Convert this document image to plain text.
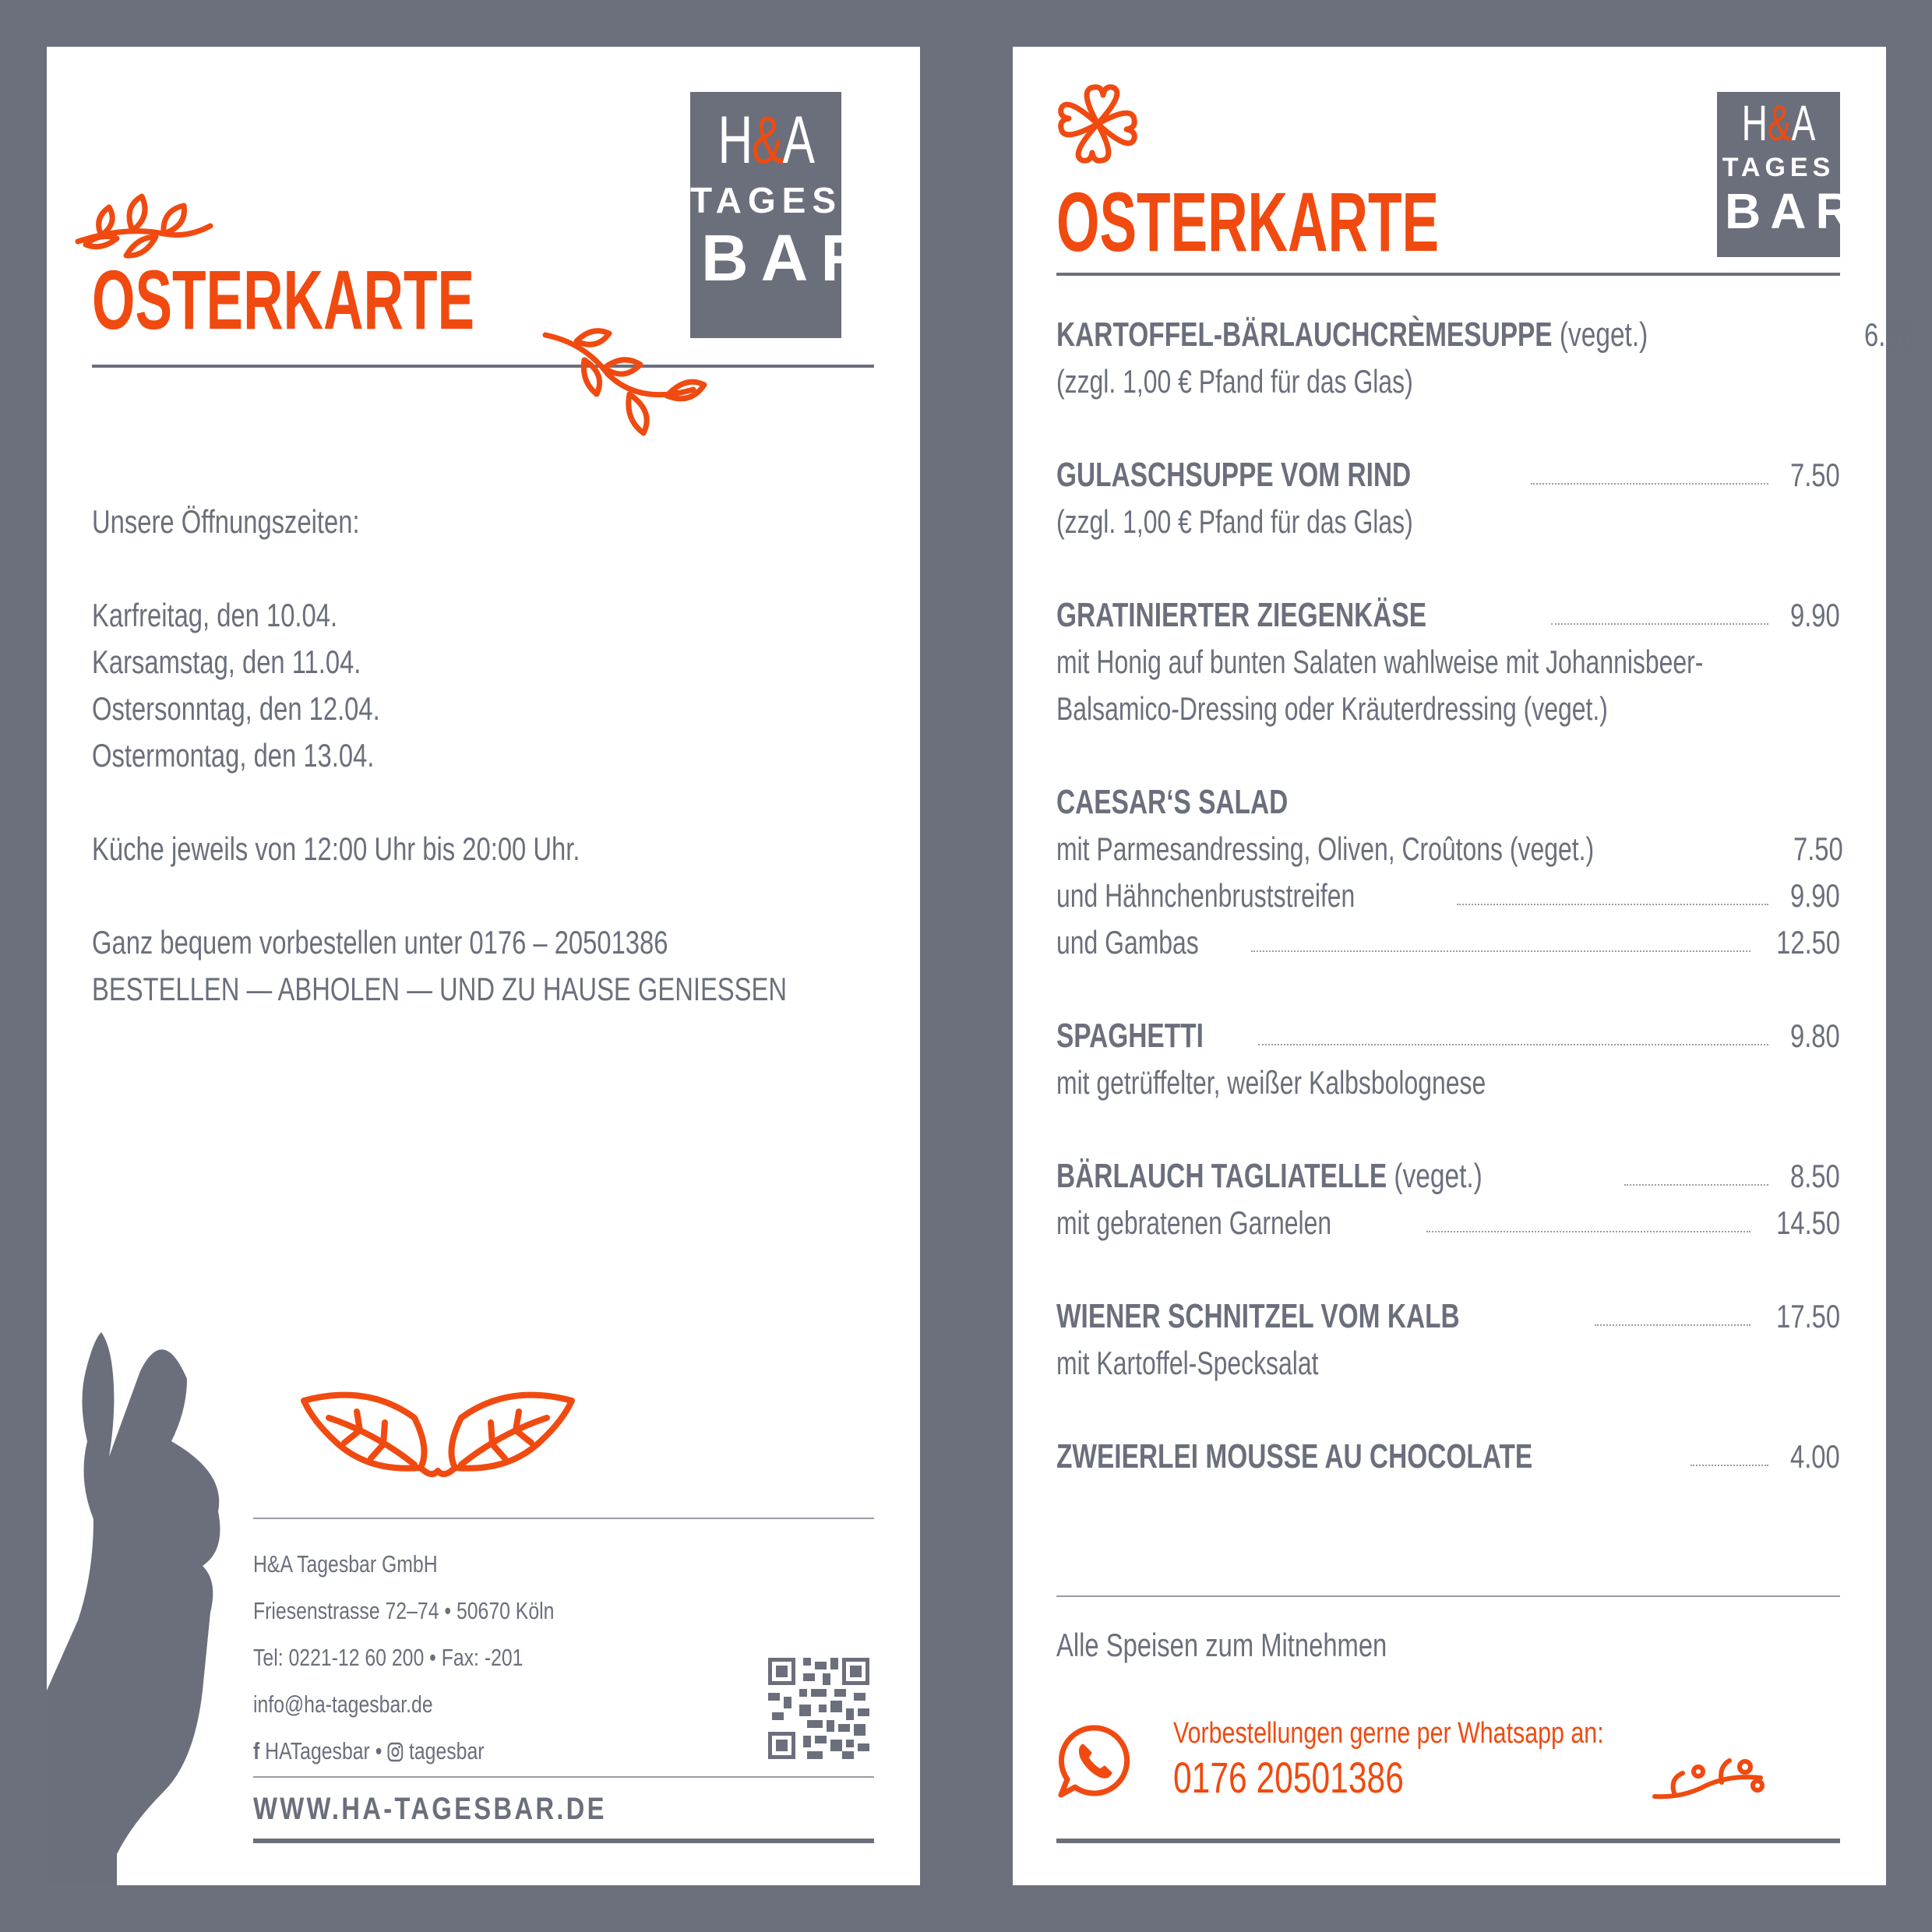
OSTERKARTE
H&A
TAGES
BAR
Unsere Öffnungszeiten:
Karfreitag, den 10.04.
Karsamstag, den 11.04.
Ostersonntag, den 12.04.
Ostermontag, den 13.04.
Küche jeweils von 12:00 Uhr bis 20:00 Uhr.
Ganz bequem vorbestellen unter 0176 – 20501386
BESTELLEN — ABHOLEN — UND ZU HAUSE GENIESSEN
H&A Tagesbar GmbH
Friesenstrasse 72–74 • 50670 Köln
Tel: 0221-12 60 200 • Fax: -201
info@ha-tagesbar.de
f HATagesbar • tagesbar
WWW.HA-TAGESBAR.DE
OSTERKARTE
H&A
TAGES
BAR
KARTOFFEL-BÄRLAUCHCRÈMESUPPE (veget.)	6.50
(zzgl. 1,00 € Pfand für das Glas)
GULASCHSUPPE VOM RIND	7.50
(zzgl. 1,00 € Pfand für das Glas)
GRATINIERTER ZIEGENKÄSE	9.90
mit Honig auf bunten Salaten wahlweise mit Johannisbeer-
Balsamico-Dressing oder Kräuterdressing (veget.)
CAESAR‘S SALAD
mit Parmesandressing, Oliven, Croûtons (veget.)	7.50
und Hähnchenbruststreifen	9.90
und Gambas	12.50
SPAGHETTI	9.80
mit getrüffelter, weißer Kalbsbolognese
BÄRLAUCH TAGLIATELLE (veget.)	8.50
mit gebratenen Garnelen	14.50
WIENER SCHNITZEL VOM KALB	17.50
mit Kartoffel-Specksalat
ZWEIERLEI MOUSSE AU CHOCOLATE	4.00
Alle Speisen zum Mitnehmen
Vorbestellungen gerne per Whatsapp an:
0176 20501386
